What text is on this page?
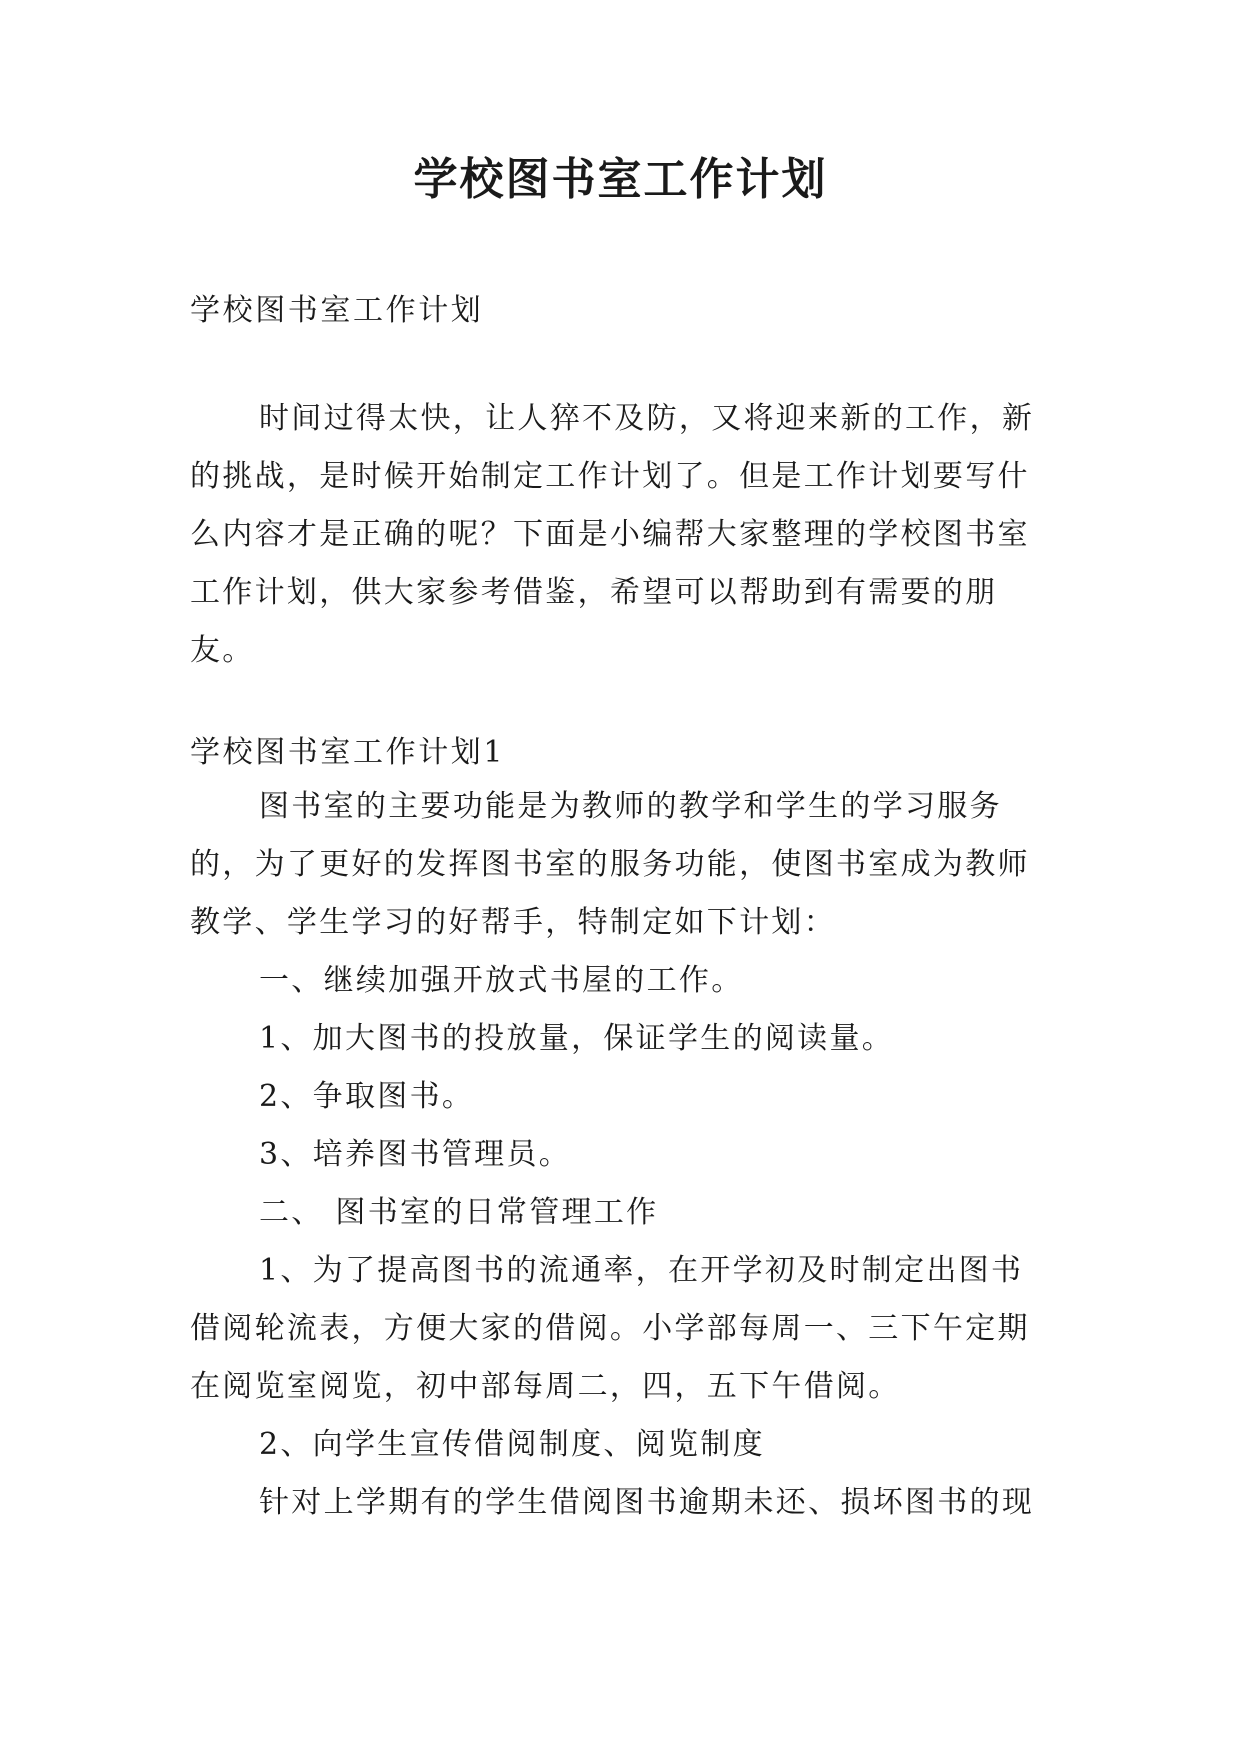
学校图书室工作计划

学校图书室工作计划

时间过得太快，让人猝不及防，又将迎来新的工作，新的挑战，是时候开始制定工作计划了。但是工作计划要写什么内容才是正确的呢？下面是小编帮大家整理的学校图书室工作计划，供大家参考借鉴，希望可以帮助到有需要的朋友。

学校图书室工作计划1

图书室的主要功能是为教师的教学和学生的学习服务的，为了更好的发挥图书室的服务功能，使图书室成为教师教学、学生学习的好帮手，特制定如下计划：

一、继续加强开放式书屋的工作。

1、加大图书的投放量，保证学生的阅读量。

2、争取图书。

3、培养图书管理员。

二、 图书室的日常管理工作

1、为了提高图书的流通率，在开学初及时制定出图书借阅轮流表，方便大家的借阅。小学部每周一、三下午定期在阅览室阅览，初中部每周二，四，五下午借阅。

2、向学生宣传借阅制度、阅览制度

针对上学期有的学生借阅图书逾期未还、损坏图书的现
